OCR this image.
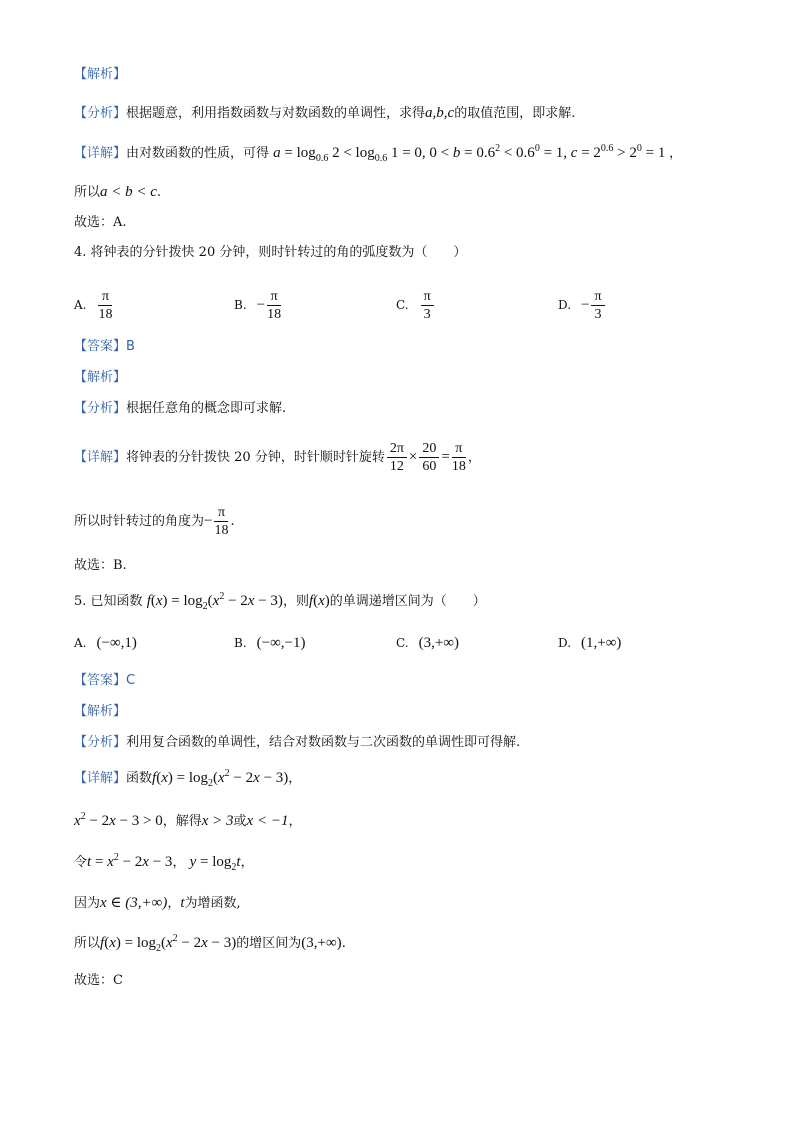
【解析】
【分析】根据题意，利用指数函数与对数函数的单调性，求得a,b,c的取值范围，即求解.
【详解】由对数函数的性质，可得 $a = \log_{0.6} 2 < \log_{0.6} 1 = 0$, $0 < b = 0.6^2 < 0.6^0 = 1$, $c = 2^{0.6} > 2^0 = 1$ ，
所以a < b < c.
故选：A.
4. 将钟表的分针拨快 20 分钟，则时针转过的角的弧度数为（　　）
A. $\frac{\pi}{18}$	B. − $\frac{\pi}{18}$	C. $\frac{\pi}{3}$	D. − $\frac{\pi}{3}$
【答案】B
【解析】
【分析】根据任意角的概念即可求解.
【详解】将钟表的分针拨快 20 分钟，时针顺时针旋转 $\frac{2\pi}{12} \times \frac{20}{60} = \frac{\pi}{18}$ ，
所以时针转过的角度为− $\frac{\pi}{18}$ .
故选：B.
5. 已知函数 $f(x) = \log_2(x^2 - 2x - 3)$，则f(x)的单调递增区间为（　　）
A. (−∞,1)	B. (−∞,−1)	C. (3,+∞)	D. (1,+∞)
【答案】C
【解析】
【分析】利用复合函数的单调性，结合对数函数与二次函数的单调性即可得解.
【详解】函数$f(x) = \log_2(x^2 - 2x - 3)$，
$x^2 - 2x - 3 > 0$，解得x > 3或x < −1，
令$t = x^2 - 2x - 3$， $y = \log_2t$，
因为x ∈ (3,+∞)，t为增函数,
所以$f(x) = \log_2(x^2 - 2x - 3)$的增区间为(3,+∞).
故选：C
